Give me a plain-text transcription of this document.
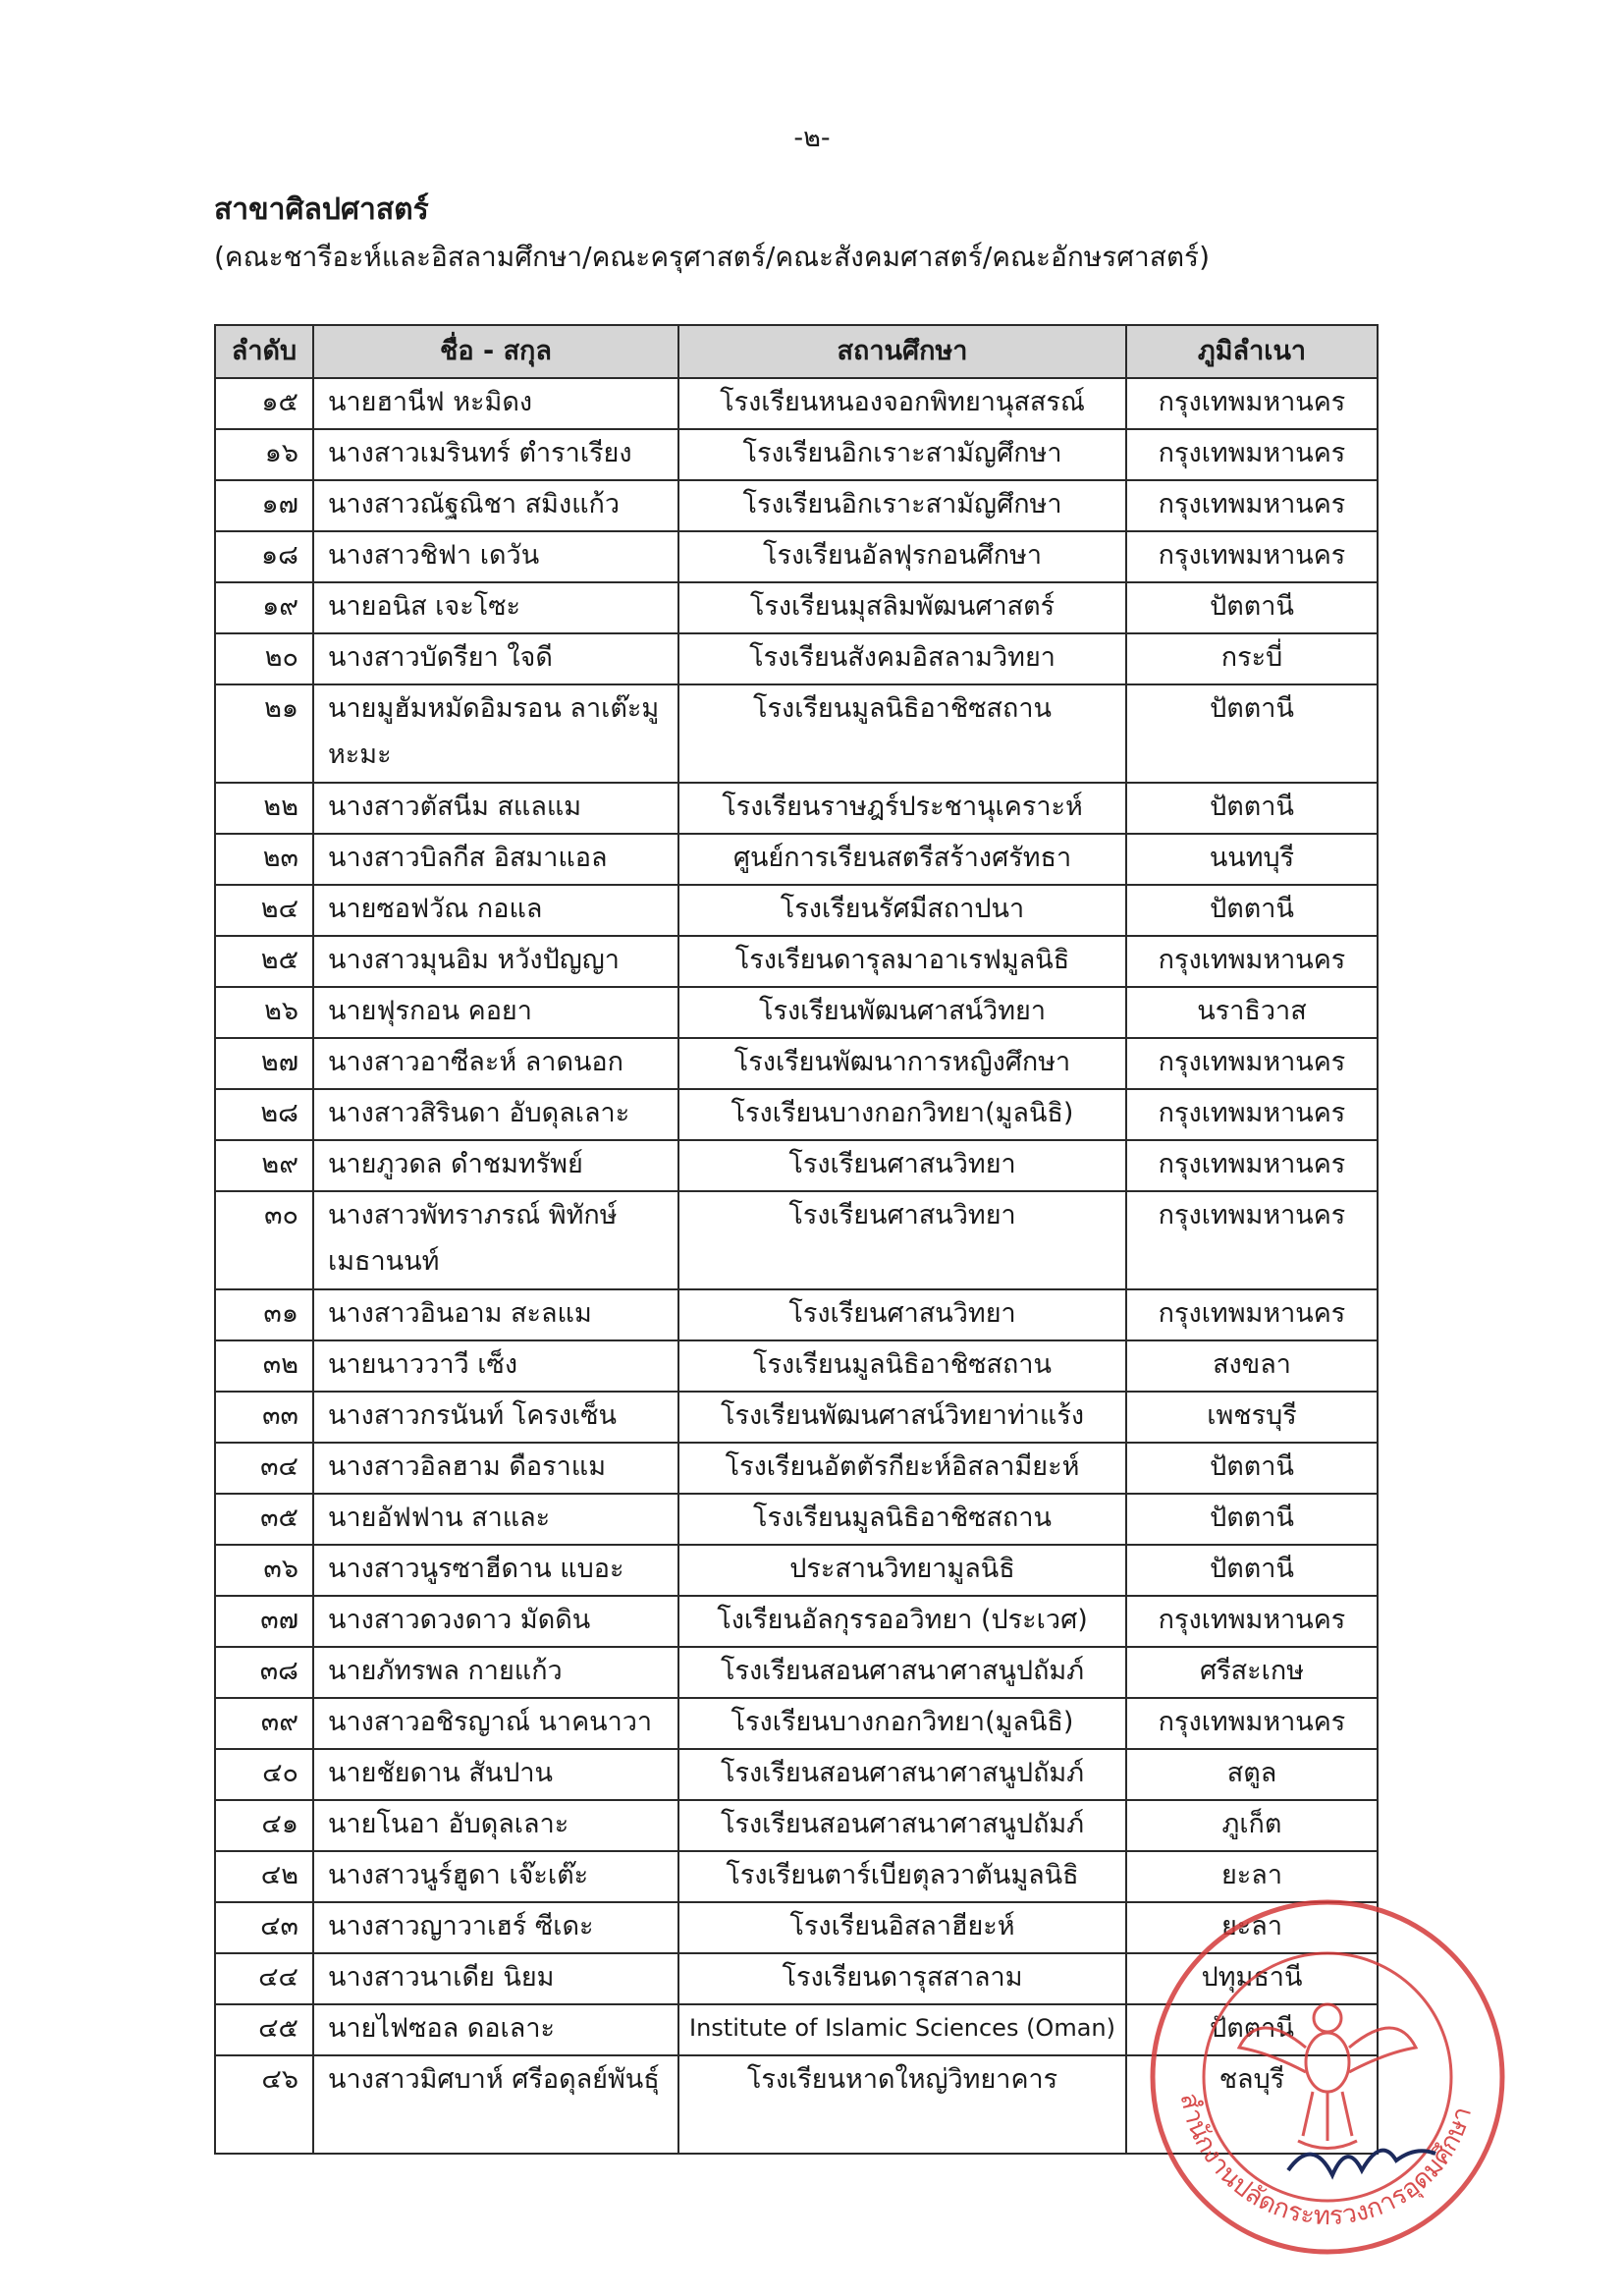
-๒-
สาขาศิลปศาสตร์
(คณะชารีอะห์และอิสลามศึกษา/คณะครุศาสตร์/คณะสังคมศาสตร์/คณะอักษรศาสตร์)
ลำดับ	ชื่อ - สกุล	สถานศึกษา	ภูมิลำเนา
๑๕	นายฮานีฟ หะมิดง	โรงเรียนหนองจอกพิทยานุสสรณ์	กรุงเทพมหานคร
๑๖	นางสาวเมรินทร์ ตำราเรียง	โรงเรียนอิกเราะสามัญศึกษา	กรุงเทพมหานคร
๑๗	นางสาวณัฐณิชา สมิงแก้ว	โรงเรียนอิกเราะสามัญศึกษา	กรุงเทพมหานคร
๑๘	นางสาวชิฟา เดวัน	โรงเรียนอัลฟุรกอนศึกษา	กรุงเทพมหานคร
๑๙	นายอนิส เจะโซะ	โรงเรียนมุสลิมพัฒนศาสตร์	ปัตตานี
๒๐	นางสาวบัดรียา ใจดี	โรงเรียนสังคมอิสลามวิทยา	กระบี่
๒๑	นายมูฮัมหมัดอิมรอน ลาเต๊ะมูหะมะ	โรงเรียนมูลนิธิอาชิซสถาน	ปัตตานี
๒๒	นางสาวตัสนีม สแลแม	โรงเรียนราษฎร์ประชานุเคราะห์	ปัตตานี
๒๓	นางสาวบิลกีส อิสมาแอล	ศูนย์การเรียนสตรีสร้างศรัทธา	นนทบุรี
๒๔	นายซอฟวัณ กอแล	โรงเรียนรัศมีสถาปนา	ปัตตานี
๒๕	นางสาวมุนอิม หวังปัญญา	โรงเรียนดารุลมาอาเรฟมูลนิธิ	กรุงเทพมหานคร
๒๖	นายฟุรกอน คอยา	โรงเรียนพัฒนศาสน์วิทยา	นราธิวาส
๒๗	นางสาวอาซีละห์ ลาดนอก	โรงเรียนพัฒนาการหญิงศึกษา	กรุงเทพมหานคร
๒๘	นางสาวสิรินดา อับดุลเลาะ	โรงเรียนบางกอกวิทยา(มูลนิธิ)	กรุงเทพมหานคร
๒๙	นายภูวดล ดำชมทรัพย์	โรงเรียนศาสนวิทยา	กรุงเทพมหานคร
๓๐	นางสาวพัทราภรณ์ พิทักษ์ เมธานนท์	โรงเรียนศาสนวิทยา	กรุงเทพมหานคร
๓๑	นางสาวอินอาม สะลแม	โรงเรียนศาสนวิทยา	กรุงเทพมหานคร
๓๒	นายนาววาวี เซ็ง	โรงเรียนมูลนิธิอาชิซสถาน	สงขลา
๓๓	นางสาวกรนันท์ โครงเซ็น	โรงเรียนพัฒนศาสน์วิทยาท่าแร้ง	เพชรบุรี
๓๔	นางสาวอิลฮาม ดือราแม	โรงเรียนอัตตัรกียะห์อิสลามียะห์	ปัตตานี
๓๕	นายอัฟฟาน สาและ	โรงเรียนมูลนิธิอาชิซสถาน	ปัตตานี
๓๖	นางสาวนูรซาฮีดาน แบอะ	ประสานวิทยามูลนิธิ	ปัตตานี
๓๗	นางสาวดวงดาว มัดดิน	โงเรียนอัลกุรรออวิทยา (ประเวศ)	กรุงเทพมหานคร
๓๘	นายภัทรพล กายแก้ว	โรงเรียนสอนศาสนาศาสนูปถัมภ์	ศรีสะเกษ
๓๙	นางสาวอชิรญาณ์ นาคนาวา	โรงเรียนบางกอกวิทยา(มูลนิธิ)	กรุงเทพมหานคร
๔๐	นายชัยดาน สันปาน	โรงเรียนสอนศาสนาศาสนูปถัมภ์	สตูล
๔๑	นายโนอา อับดุลเลาะ	โรงเรียนสอนศาสนาศาสนูปถัมภ์	ภูเก็ต
๔๒	นางสาวนูร์ฮูดา เจ๊ะเต๊ะ	โรงเรียนตาร์เบียตุลวาตันมูลนิธิ	ยะลา
๔๓	นางสาวญาวาเฮร์ ซีเดะ	โรงเรียนอิสลาฮียะห์	ยะลา
๔๔	นางสาวนาเดีย นิยม	โรงเรียนดารุสสาลาม	ปทุมธานี
๔๕	นายไฟซอล ดอเลาะ	Institute of Islamic Sciences (Oman)	ปัตตานี
๔๖	นางสาวมิศบาห์ ศรีอดุลย์พันธุ์	โรงเรียนหาดใหญ่วิทยาคาร	ชลบุรี
สำนักงานปลัดกระทรวงการอุดมศึกษา
